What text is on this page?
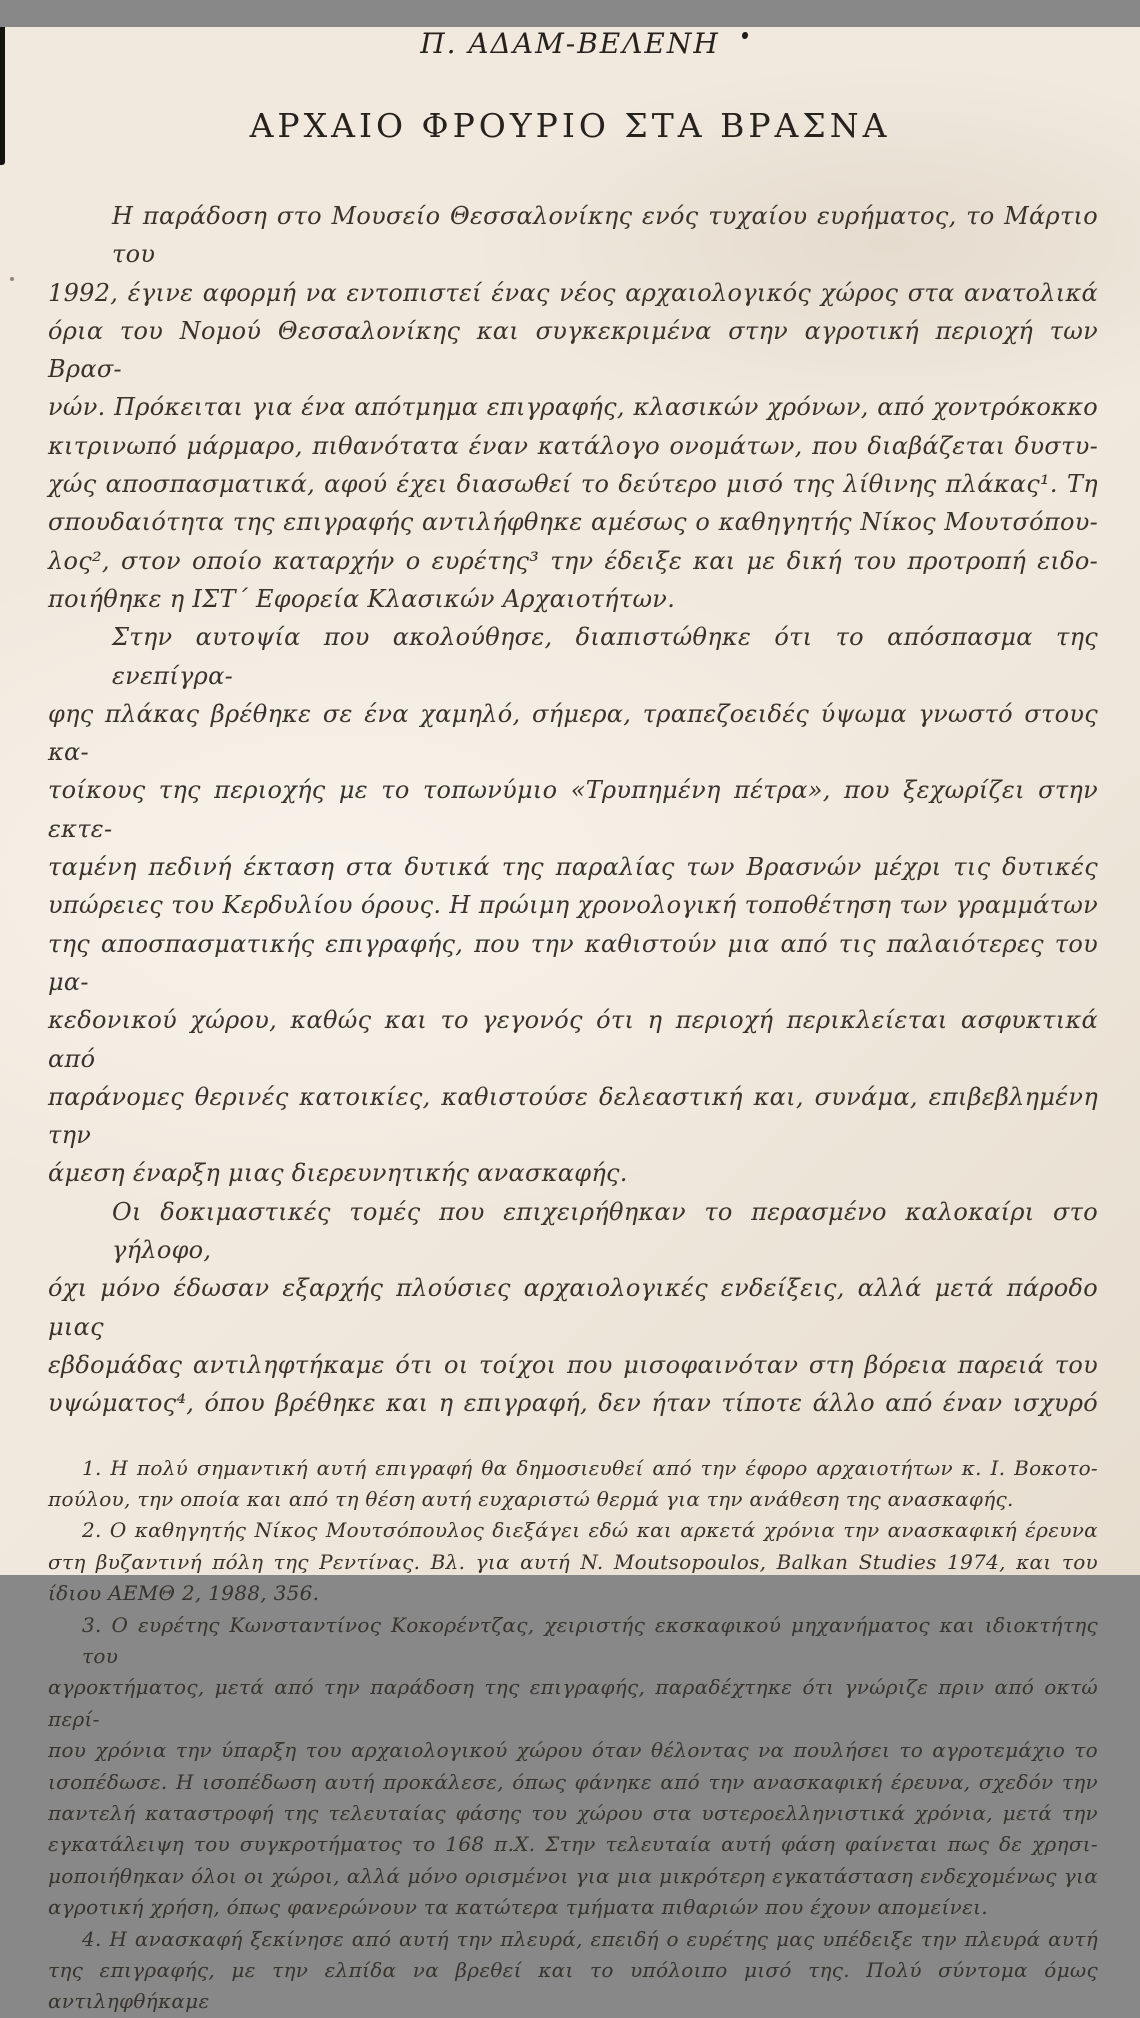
Π. ΑΔΑΜ-ΒΕΛΕΝΗ
ΑΡΧΑΙΟ ΦΡΟΥΡΙΟ ΣΤΑ ΒΡΑΣΝΑ
Η παράδοση στο Μουσείο Θεσσαλονίκης ενός τυχαίου ευρήματος, το Μάρτιο του
1992, έγινε αφορμή να εντοπιστεί ένας νέος αρχαιολογικός χώρος στα ανατολικά
όρια του Νομού Θεσσαλονίκης και συγκεκριμένα στην αγροτική περιοχή των Βρασ-
νών. Πρόκειται για ένα απότμημα επιγραφής, κλασικών χρόνων, από χοντρόκοκκο
κιτρινωπό μάρμαρο, πιθανότατα έναν κατάλογο ονομάτων, που διαβάζεται δυστυ-
χώς αποσπασματικά, αφού έχει διασωθεί το δεύτερο μισό της λίθινης πλάκας¹. Τη
σπουδαιότητα της επιγραφής αντιλήφθηκε αμέσως ο καθηγητής Νίκος Μουτσόπου-
λος², στον οποίο καταρχήν ο ευρέτης³ την έδειξε και με δική του προτροπή ειδο-
ποιήθηκε η ΙΣΤ΄ Εφορεία Κλασικών Αρχαιοτήτων.
Στην αυτοψία που ακολούθησε, διαπιστώθηκε ότι το απόσπασμα της ενεπίγρα-
φης πλάκας βρέθηκε σε ένα χαμηλό, σήμερα, τραπεζοειδές ύψωμα γνωστό στους κα-
τοίκους της περιοχής με το τοπωνύμιο «Τρυπημένη πέτρα», που ξεχωρίζει στην εκτε-
ταμένη πεδινή έκταση στα δυτικά της παραλίας των Βρασνών μέχρι τις δυτικές
υπώρειες του Κερδυλίου όρους. Η πρώιμη χρονολογική τοποθέτηση των γραμμάτων
της αποσπασματικής επιγραφής, που την καθιστούν μια από τις παλαιότερες του μα-
κεδονικού χώρου, καθώς και το γεγονός ότι η περιοχή περικλείεται ασφυκτικά από
παράνομες θερινές κατοικίες, καθιστούσε δελεαστική και, συνάμα, επιβεβλημένη την
άμεση έναρξη μιας διερευνητικής ανασκαφής.
Οι δοκιμαστικές τομές που επιχειρήθηκαν το περασμένο καλοκαίρι στο γήλοφο,
όχι μόνο έδωσαν εξαρχής πλούσιες αρχαιολογικές ενδείξεις, αλλά μετά πάροδο μιας
εβδομάδας αντιληφτήκαμε ότι οι τοίχοι που μισοφαινόταν στη βόρεια παρειά του
υψώματος⁴, όπου βρέθηκε και η επιγραφή, δεν ήταν τίποτε άλλο από έναν ισχυρό
1. Η πολύ σημαντική αυτή επιγραφή θα δημοσιευθεί από την έφορο αρχαιοτήτων κ. Ι. Βοκοτο-
πούλου, την οποία και από τη θέση αυτή ευχαριστώ θερμά για την ανάθεση της ανασκαφής.
2. Ο καθηγητής Νίκος Μουτσόπουλος διεξάγει εδώ και αρκετά χρόνια την ανασκαφική έρευνα
στη βυζαντινή πόλη της Ρεντίνας. Βλ. για αυτή N. Moutsopoulos, Balkan Studies 1974, και του
ίδιου ΑΕΜΘ 2, 1988, 356.
3. Ο ευρέτης Κωνσταντίνος Κοκορέντζας, χειριστής εκσκαφικού μηχανήματος και ιδιοκτήτης του
αγροκτήματος, μετά από την παράδοση της επιγραφής, παραδέχτηκε ότι γνώριζε πριν από οκτώ περί-
που χρόνια την ύπαρξη του αρχαιολογικού χώρου όταν θέλοντας να πουλήσει το αγροτεμάχιο το
ισοπέδωσε. Η ισοπέδωση αυτή προκάλεσε, όπως φάνηκε από την ανασκαφική έρευνα, σχεδόν την
παντελή καταστροφή της τελευταίας φάσης του χώρου στα υστεροελληνιστικά χρόνια, μετά την
εγκατάλειψη του συγκροτήματος το 168 π.Χ. Στην τελευταία αυτή φάση φαίνεται πως δε χρησι-
μοποιήθηκαν όλοι οι χώροι, αλλά μόνο ορισμένοι για μια μικρότερη εγκατάσταση ενδεχομένως για
αγροτική χρήση, όπως φανερώνουν τα κατώτερα τμήματα πιθαριών που έχουν απομείνει.
4. Η ανασκαφή ξεκίνησε από αυτή την πλευρά, επειδή ο ευρέτης μας υπέδειξε την πλευρά αυτή
της επιγραφής, με την ελπίδα να βρεθεί και το υπόλοιπο μισό της. Πολύ σύντομα όμως αντιληφθήκαμε
